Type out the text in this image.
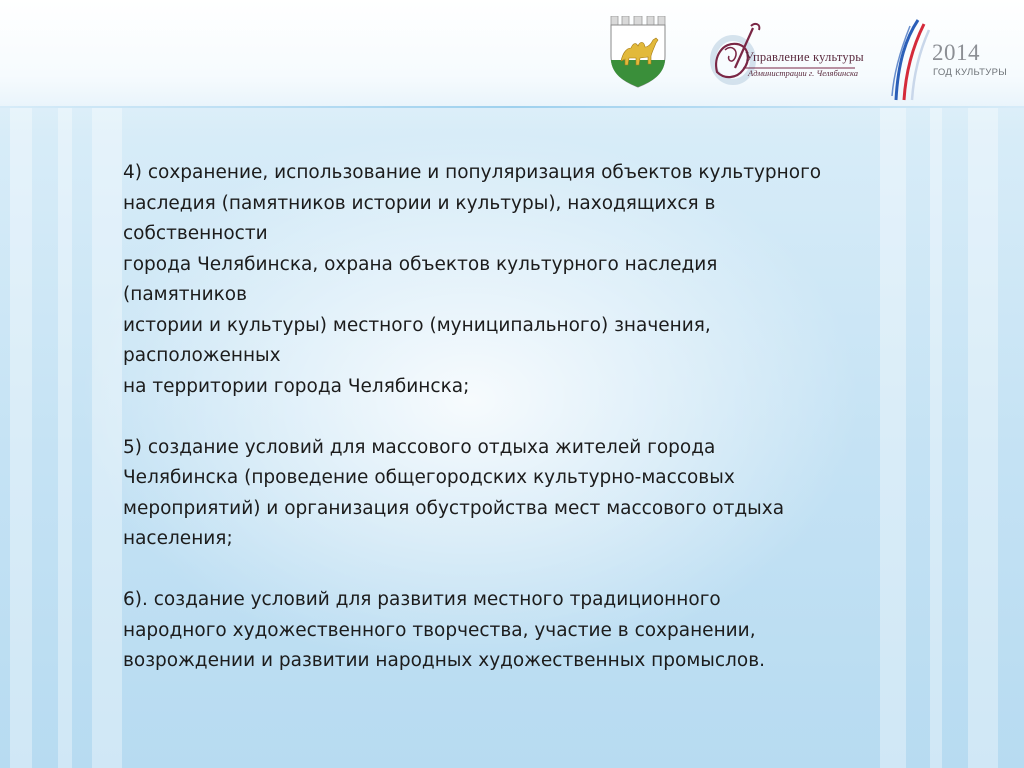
Управление культуры
Администрации г. Челябинска
2014
ГОД КУЛЬТУРЫ
4) сохранение, использование и популяризация объектов культурного
наследия (памятников истории и культуры), находящихся в
собственности
города Челябинска, охрана объектов культурного наследия
(памятников
истории и культуры) местного (муниципального) значения,
расположенных
на территории города Челябинска;
5) создание условий для массового отдыха жителей города
Челябинска (проведение общегородских культурно-массовых
мероприятий) и организация обустройства мест массового отдыха
населения;
6). создание условий для развития местного традиционного
народного художественного творчества, участие в сохранении,
возрождении и развитии народных художественных промыслов.
